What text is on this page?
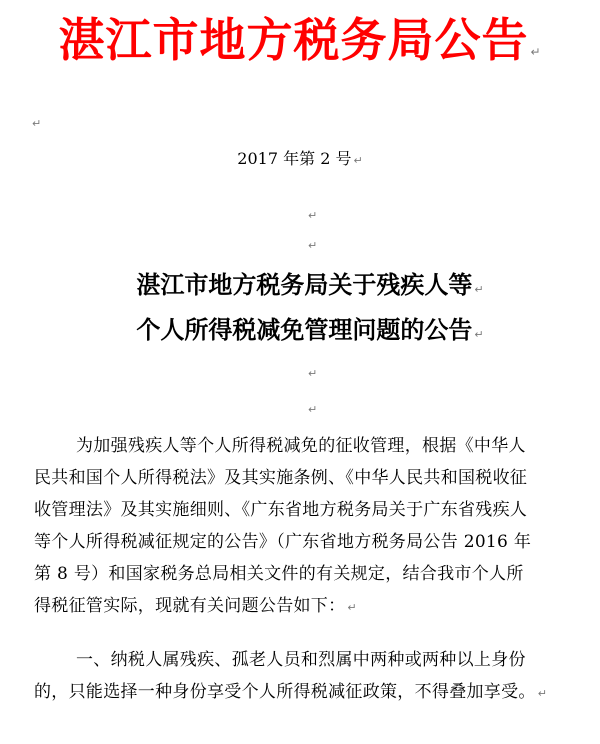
湛江市地方税务局公告 ↵
↵
2017 年第 2 号 ↵
↵
↵
湛江市地方税务局关于残疾人等 ↵
个人所得税减免管理问题的公告 ↵
↵
↵
为加强残疾人等个人所得税减免的征收管理，根据《中华人
民共和国个人所得税法》及其实施条例、《中华人民共和国税收征
收管理法》及其实施细则、《广东省地方税务局关于广东省残疾人
等个人所得税减征规定的公告》（广东省地方税务局公告 2016 年
第 8 号）和国家税务总局相关文件的有关规定，结合我市个人所
得税征管实际，现就有关问题公告如下： ↵
一、纳税人属残疾、孤老人员和烈属中两种或两种以上身份
的，只能选择一种身份享受个人所得税减征政策，不得叠加享受。 ↵
